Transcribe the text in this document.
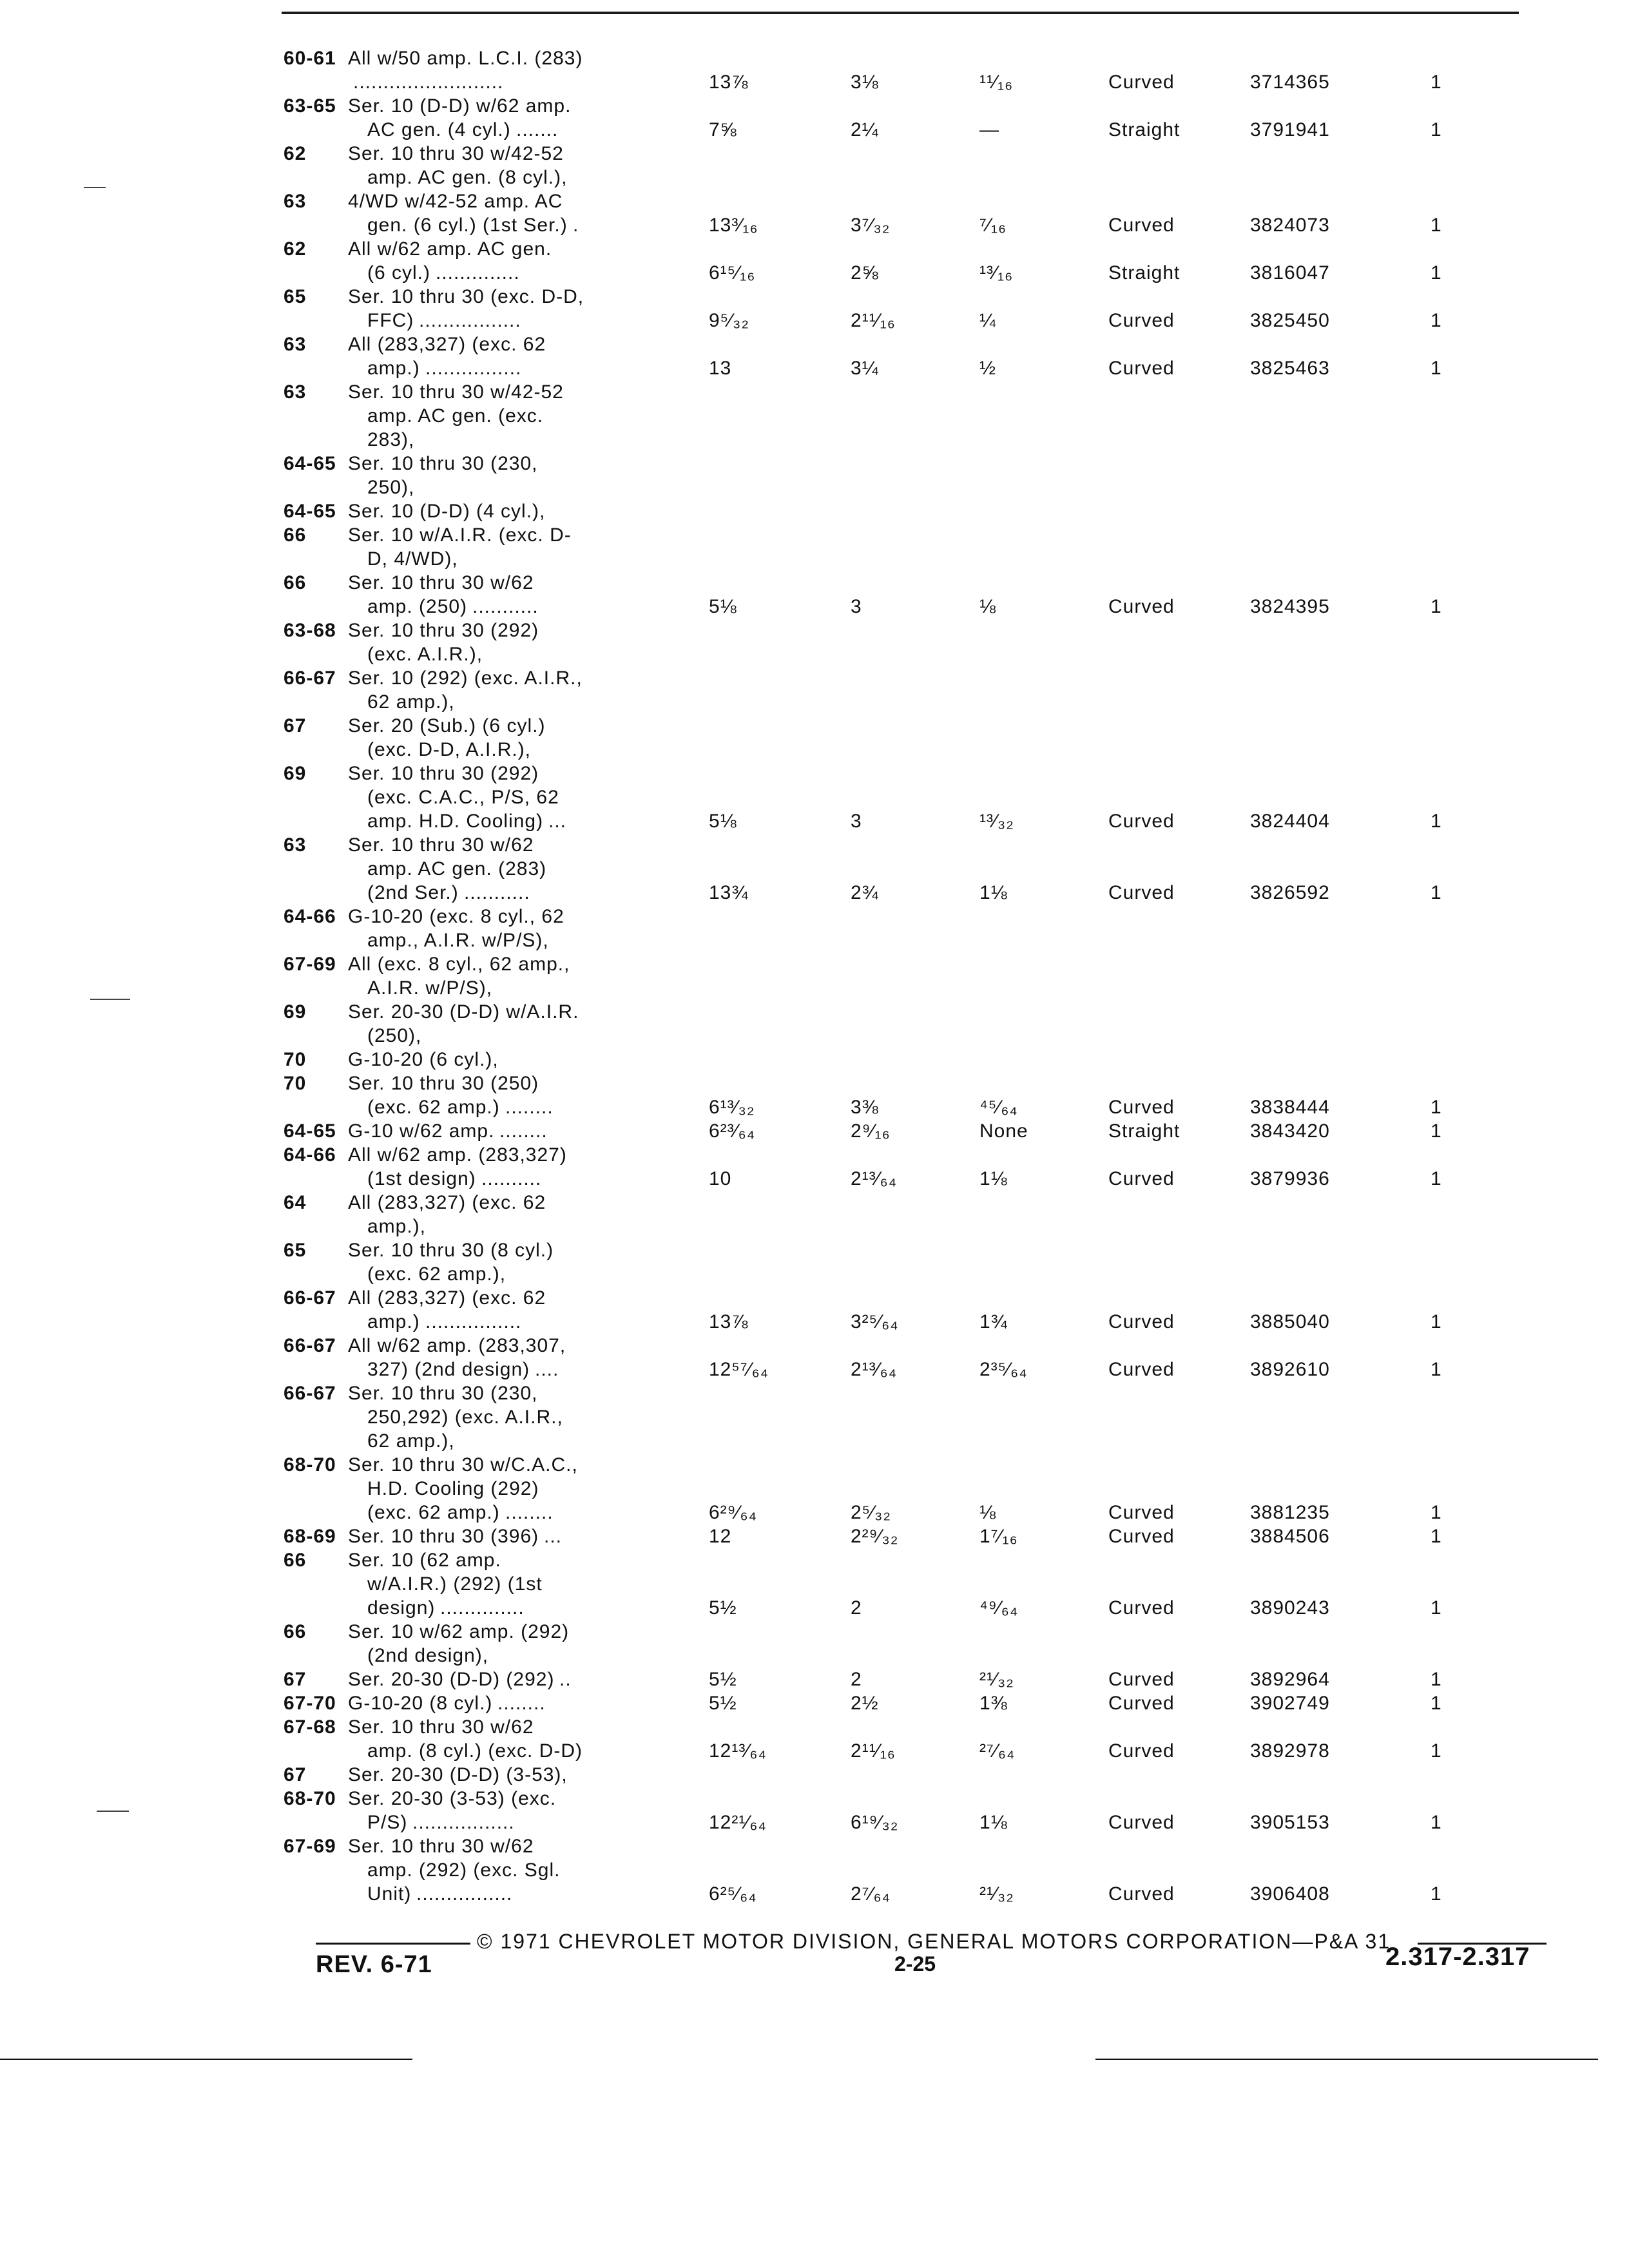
60-61 All w/50 amp. L.C.I. (283)
.........................	13⅞	3⅛	¹¹⁄₁₆	Curved	3714365	1
63-65 Ser. 10 (D-D) w/62 amp.
AC gen. (4 cyl.) .......	7⅝	2¼	—	Straight	3791941	1
62 Ser. 10 thru 30 w/42-52
amp. AC gen. (8 cyl.),
63 4/WD w/42-52 amp. AC
gen. (6 cyl.) (1st Ser.) .	13³⁄₁₆	3⁷⁄₃₂	⁷⁄₁₆	Curved	3824073	1
62 All w/62 amp. AC gen.
(6 cyl.) ..............	6¹⁵⁄₁₆	2⅝	¹³⁄₁₆	Straight	3816047	1
65 Ser. 10 thru 30 (exc. D-D,
FFC) .................	9⁵⁄₃₂	2¹¹⁄₁₆	¼	Curved	3825450	1
63 All (283,327) (exc. 62
amp.) ................	13	3¼	½	Curved	3825463	1
63 Ser. 10 thru 30 w/42-52
amp. AC gen. (exc.
283),
64-65 Ser. 10 thru 30 (230,
250),
64-65 Ser. 10 (D-D) (4 cyl.),
66 Ser. 10 w/A.I.R. (exc. D-
D, 4/WD),
66 Ser. 10 thru 30 w/62
amp. (250) ...........	5⅛	3	⅛	Curved	3824395	1
63-68 Ser. 10 thru 30 (292)
(exc. A.I.R.),
66-67 Ser. 10 (292) (exc. A.I.R.,
62 amp.),
67 Ser. 20 (Sub.) (6 cyl.)
(exc. D-D, A.I.R.),
69 Ser. 10 thru 30 (292)
(exc. C.A.C., P/S, 62
amp. H.D. Cooling) ...	5⅛	3	¹³⁄₃₂	Curved	3824404	1
63 Ser. 10 thru 30 w/62
amp. AC gen. (283)
(2nd Ser.) ...........	13¾	2¾	1⅛	Curved	3826592	1
64-66 G-10-20 (exc. 8 cyl., 62
amp., A.I.R. w/P/S),
67-69 All (exc. 8 cyl., 62 amp.,
A.I.R. w/P/S),
69 Ser. 20-30 (D-D) w/A.I.R.
(250),
70 G-10-20 (6 cyl.),
70 Ser. 10 thru 30 (250)
(exc. 62 amp.) ........	6¹³⁄₃₂	3⅜	⁴⁵⁄₆₄	Curved	3838444	1
64-65 G-10 w/62 amp. ........	6²³⁄₆₄	2⁹⁄₁₆	None	Straight	3843420	1
64-66 All w/62 amp. (283,327)
(1st design) ..........	10	2¹³⁄₆₄	1⅛	Curved	3879936	1
64 All (283,327) (exc. 62
amp.),
65 Ser. 10 thru 30 (8 cyl.)
(exc. 62 amp.),
66-67 All (283,327) (exc. 62
amp.) ................	13⅞	3²⁵⁄₆₄	1¾	Curved	3885040	1
66-67 All w/62 amp. (283,307,
327) (2nd design) ....	12⁵⁷⁄₆₄	2¹³⁄₆₄	2³⁵⁄₆₄	Curved	3892610	1
66-67 Ser. 10 thru 30 (230,
250,292) (exc. A.I.R.,
62 amp.),
68-70 Ser. 10 thru 30 w/C.A.C.,
H.D. Cooling (292)
(exc. 62 amp.) ........	6²⁹⁄₆₄	2⁵⁄₃₂	⅛	Curved	3881235	1
68-69 Ser. 10 thru 30 (396) ...	12	2²⁹⁄₃₂	1⁷⁄₁₆	Curved	3884506	1
66 Ser. 10 (62 amp.
w/A.I.R.) (292) (1st
design) ..............	5½	2	⁴⁹⁄₆₄	Curved	3890243	1
66 Ser. 10 w/62 amp. (292)
(2nd design),
67 Ser. 20-30 (D-D) (292) ..	5½	2	²¹⁄₃₂	Curved	3892964	1
67-70 G-10-20 (8 cyl.) ........	5½	2½	1⅜	Curved	3902749	1
67-68 Ser. 10 thru 30 w/62
amp. (8 cyl.) (exc. D-D)	12¹³⁄₆₄	2¹¹⁄₁₆	²⁷⁄₆₄	Curved	3892978	1
67 Ser. 20-30 (D-D) (3-53),
68-70 Ser. 20-30 (3-53) (exc.
P/S) .................	12²¹⁄₆₄	6¹⁹⁄₃₂	1⅛	Curved	3905153	1
67-69 Ser. 10 thru 30 w/62
amp. (292) (exc. Sgl.
Unit) ................	6²⁵⁄₆₄	2⁷⁄₆₄	²¹⁄₃₂	Curved	3906408	1
© 1971 CHEVROLET MOTOR DIVISION, GENERAL MOTORS CORPORATION—P&A 31
REV. 6-71	2-25	2.317-2.317
